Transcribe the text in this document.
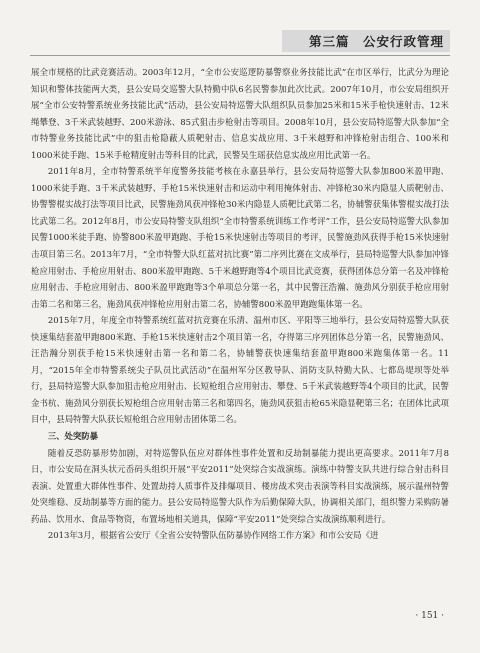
第三篇　公安行政管理

展全市规格的比武竞赛活动。2003年12月，“全市公安巡逻防暴警察业务技能比武”在市区举行，比武分为理论知识和警体技能两大类，县公安局交巡警大队特勤中队6名民警参加此次比武。2007年10月，市公安局组织开展“全市公安特警系统业务技能比武”活动，县公安局特巡警大队组织队员参加25米和15米手枪快速射击、12米绳攀登、3千米武装越野、200米游泳、85式狙击步枪射击等项目。2008年10月，县公安局特巡警大队参加“全市特警业务技能比武”中的狙击枪隐蔽人质靶射击、信息实战应用、3千米越野和冲锋枪射击组合、100米和1000米徒手跑、15米手枪精度射击等科目的比武，民警吴生瑶获信息实战应用比武第一名。

2011年8月，全市特警系统半年度警务技能考核在永嘉县举行，县公安局特巡警大队参加800米盈甲跑、1000米徒手跑、3千米武装越野、手枪15米快速射击和运动中利用掩体射击、冲锋枪30米内隐显人质靶射击、协警警棍实战打法等项目比武，民警施劲风获冲锋枪30米内隐显人质靶比武第二名，协辅警获集体警棍实战打法比武第二名。2012年8月，市公安局特警支队组织“全市特警系统训练工作考评”工作，县公安局特巡警大队参加民警1000米徒手跑、协警800米盈甲跑跑、手枪15米快速射击等项目的考评，民警施劲风获得手枪15米快速射击项目第三名。2013年7月，“全市特警大队红蓝对抗比赛”第二序列比赛在文成举行，县局特巡警大队参加冲锋枪应用射击、手枪应用射击、800米盈甲跑跑、5千米越野跑等4个项目比武竞赛，获得团体总分第一名及冲锋枪应用射击、手枪应用射击、800米盈甲跑跑等3个单项总分第一名，其中民警汪浩瀚、施劲风分别获手枪应用射击第二名和第三名，施劲风获冲锋枪应用射击第二名，协辅警800米盈甲跑跑集体第一名。

2015年7月，年度全市特警系统红蓝对抗竞赛在乐清、温州市区、平阳等三地举行，县公安局特巡警大队获快速集结套盈甲跑800米跑、手枪15米快速射击2个项目第一名，夺得第三序列团体总分第一名，民警施劲风、汪浩瀚分别获手枪15米快速射击第一名和第二名，协辅警获快速集结套盈甲跑800米跑集体第一名。11月，“2015年全市特警系统尖子队员比武活动”在温州军分区教导队、消防支队特勤大队、七都岛堤坝等处举行，县局特巡警大队参加狙击枪应用射击、长短枪组合应用射击、攀登、5千米武装越野等4个项目的比武，民警金书杭、施劲风分别获长短枪组合应用射击第三名和第四名，施劲风获狙击枪65米隐显靶第三名；在团体比武项目中，县局特警大队获长短枪组合应用射击团体第二名。

三、处突防暴

随着反恐防暴形势加剧，对特巡警队伍应对群体性事件处置和反劫制暴能力提出更高要求。2011年7月8日，市公安局在洞头状元岙码头组织开展“平安2011”处突综合实战演练。演练中特警支队共进行综合射击科目表演、处置重大群体性事件、处置劫持人质事件及排爆项目、楼房战术突击表演等科目实战演练，展示温州特警处突维稳、反劫制暴等方面的能力。县公安局特巡警大队作为后勤保障大队，协调相关部门，组织警力采购防暑药品、饮用水、食品等物资，布置场地相关道具，保障“平安2011”处突综合实战演练顺利进行。

2013年3月，根据省公安厅《全省公安特警队伍防暴协作网络工作方案》和市公安局《进

· 151 ·
